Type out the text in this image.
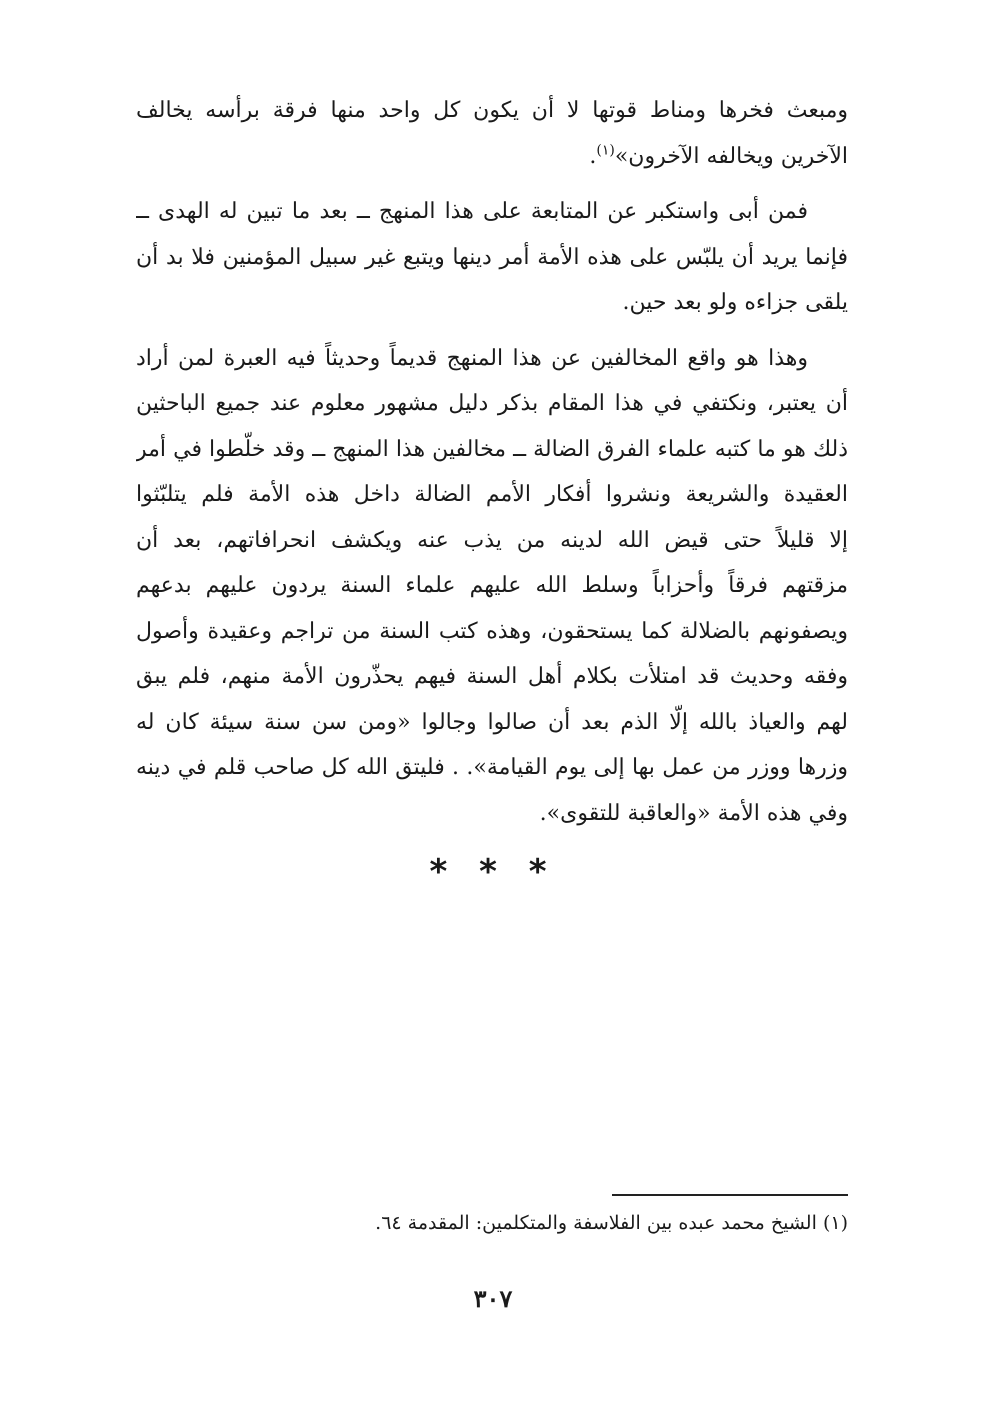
ومبعث فخرها ومناط قوتها لا أن يكون كل واحد منها فرقة برأسه يخالف
الآخرين ويخالفه الآخرون»$^{(١)}$.

فمن أبى واستكبر عن المتابعة على هذا المنهج ــ بعد ما تبين له الهدى ــ
فإنما يريد أن يلبّس على هذه الأمة أمر دينها ويتبع غير سبيل المؤمنين فلا بد أن
يلقى جزاءه ولو بعد حين.

وهذا هو واقع المخالفين عن هذا المنهج قديماً وحديثاً فيه العبرة لمن أراد
أن يعتبر، ونكتفي في هذا المقام بذكر دليل مشهور معلوم عند جميع الباحثين
ذلك هو ما كتبه علماء الفرق الضالة ــ مخالفين هذا المنهج ــ وقد خلّطوا في أمر
العقيدة والشريعة ونشروا أفكار الأمم الضالة داخل هذه الأمة فلم يتلبّثوا
إلا قليلاً حتى قيض الله لدينه من يذب عنه ويكشف انحرافاتهم، بعد أن
مزقتهم فرقاً وأحزاباً وسلط الله عليهم علماء السنة يردون عليهم بدعهم
ويصفونهم بالضلالة كما يستحقون، وهذه كتب السنة من تراجم وعقيدة وأصول
وفقه وحديث قد امتلأت بكلام أهل السنة فيهم يحذّرون الأمة منهم، فلم يبق
لهم والعياذ بالله إلّا الذم بعد أن صالوا وجالوا «ومن سن سنة سيئة كان له
وزرها ووزر من عمل بها إلى يوم القيامة». . فليتق الله كل صاحب قلم في دينه
وفي هذه الأمة «والعاقبة للتقوى».

* * *
(١) الشيخ محمد عبده بين الفلاسفة والمتكلمين: المقدمة ٦٤.
٣٠٧
